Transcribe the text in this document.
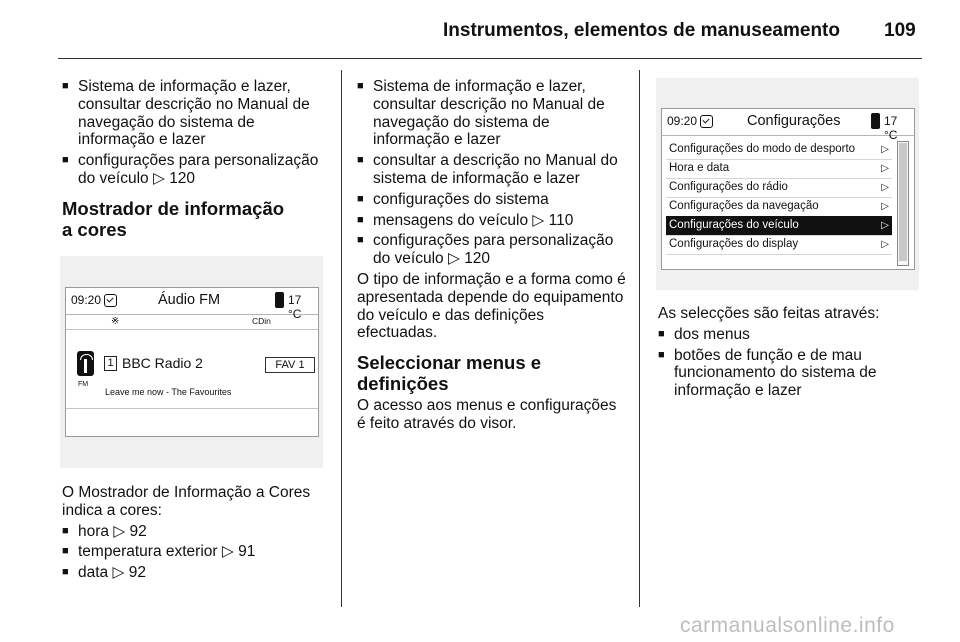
Instrumentos, elementos de manuseamento 109
■ Sistema de informação e lazer, consultar descrição no Manual de navegação do sistema de informação e lazer
■ configurações para personalização do veículo ▷ 120
Mostrador de informação a cores
09:20	Áudio FM	17 °C
※	CDin
FM
1 BBC Radio 2	FAV 1
Leave me now - The Favourites
O Mostrador de Informação a Cores indica a cores:
■ hora ▷ 92
■ temperatura exterior ▷ 91
■ data ▷ 92
■ Sistema de informação e lazer, consultar descrição no Manual de navegação do sistema de informação e lazer
■ consultar a descrição no Manual do sistema de informação e lazer
■ configurações do sistema
■ mensagens do veículo ▷ 110
■ configurações para personalização do veículo ▷ 120
O tipo de informação e a forma como é apresentada depende do equipamento do veículo e das definições efectuadas.
Seleccionar menus e definições
O acesso aos menus e configurações é feito através do visor.
09:20	Configurações	17 °C
Configurações do modo de desporto	▷
Hora e data	▷
Configurações do rádio	▷
Configurações da navegação	▷
Configurações do veículo	▷
Configurações do display	▷
As selecções são feitas através:
■ dos menus
■ botões de função e de mau funcionamento do sistema de informação e lazer
carmanualsonline.info
